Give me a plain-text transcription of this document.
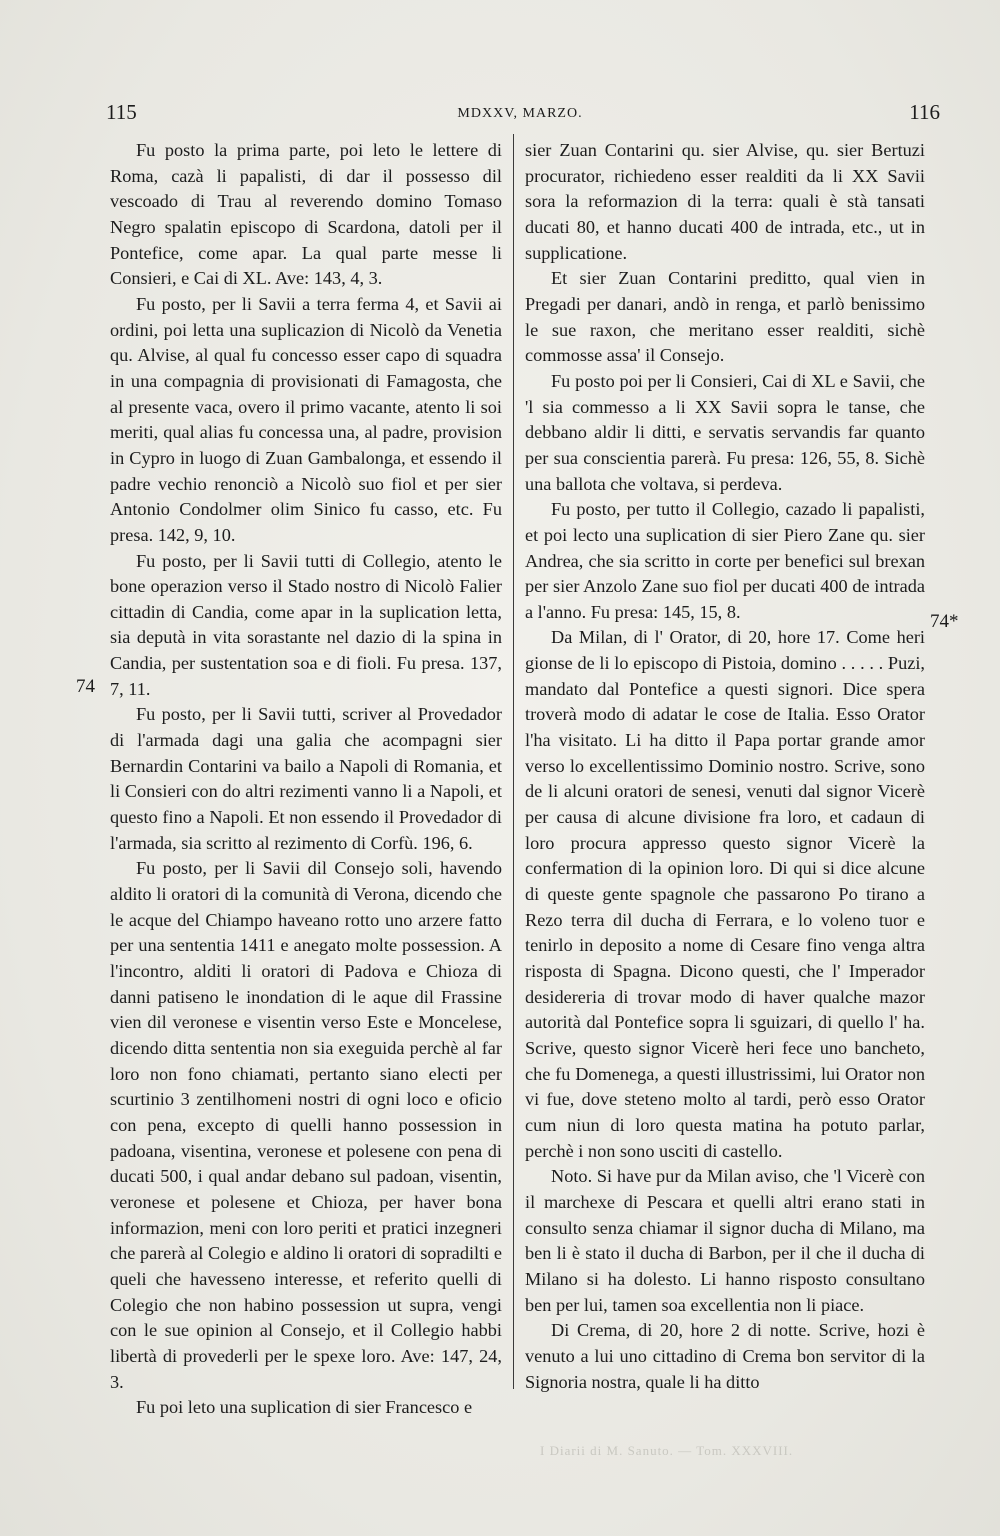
115	MDXXV, MARZO.	116
74
74*

Fu posto la prima parte, poi leto le lettere di Roma, cazà li papalisti, di dar il possesso dil vescoado di Trau al reverendo domino Tomaso Negro spalatin episcopo di Scardona, datoli per il Pontefice, come apar. La qual parte messe li Consieri, e Cai di XL. Ave: 143, 4, 3.

Fu posto, per li Savii a terra ferma 4, et Savii ai ordini, poi letta una suplicazion di Nicolò da Venetia qu. Alvise, al qual fu concesso esser capo di squadra in una compagnia di provisionati di Famagosta, che al presente vaca, overo il primo vacante, atento li soi meriti, qual alias fu concessa una, al padre, provision in Cypro in luogo di Zuan Gambalonga, et essendo il padre vechio renonciò a Nicolò suo fiol et per sier Antonio Condolmer olim Sinico fu casso, etc. Fu presa. 142, 9, 10.

Fu posto, per li Savii tutti di Collegio, atento le bone operazion verso il Stado nostro di Nicolò Falier cittadin di Candia, come apar in la suplication letta, sia deputà in vita sorastante nel dazio di la spina in Candia, per sustentation soa e di fioli. Fu presa. 137, 7, 11.

Fu posto, per li Savii tutti, scriver al Provedador di l'armada dagi una galia che acompagni sier Bernardin Contarini va bailo a Napoli di Romania, et li Consieri con do altri rezimenti vanno li a Napoli, et questo fino a Napoli. Et non essendo il Provedador di l'armada, sia scritto al rezimento di Corfù. 196, 6.

Fu posto, per li Savii dil Consejo soli, havendo aldito li oratori di la comunità di Verona, dicendo che le acque del Chiampo haveano rotto uno arzere fatto per una sententia 1411 e anegato molte possession. A l'incontro, alditi li oratori di Padova e Chioza di danni patiseno le inondation di le aque dil Frassine vien dil veronese e visentin verso Este e Moncelese, dicendo ditta sententia non sia exeguida perchè al far loro non fono chiamati, pertanto siano electi per scurtinio 3 zentilhomeni nostri di ogni loco e oficio con pena, excepto di quelli hanno possession in padoana, visentina, veronese et polesene con pena di ducati 500, i qual andar debano sul padoan, visentin, veronese et polesene et Chioza, per haver bona informazion, meni con loro periti et pratici inzegneri che parerà al Colegio e aldino li oratori di sopradilti e queli che havesseno interesse, et referito quelli di Colegio che non habino possession ut supra, vengi con le sue opinion al Consejo, et il Collegio habbi libertà di provederli per le spexe loro. Ave: 147, 24, 3.

Fu poi leto una suplication di sier Francesco e

sier Zuan Contarini qu. sier Alvise, qu. sier Bertuzi procurator, richiedeno esser realditi da li XX Savii sora la reformazion di la terra: quali è stà tansati ducati 80, et hanno ducati 400 de intrada, etc., ut in supplicatione.

Et sier Zuan Contarini preditto, qual vien in Pregadi per danari, andò in renga, et parlò benissimo le sue raxon, che meritano esser realditi, sichè commosse assa' il Consejo.

Fu posto poi per li Consieri, Cai di XL e Savii, che 'l sia commesso a li XX Savii sopra le tanse, che debbano aldir li ditti, e servatis servandis far quanto per sua conscientia parerà. Fu presa: 126, 55, 8. Sichè una ballota che voltava, si perdeva.

Fu posto, per tutto il Collegio, cazado li papalisti, et poi lecto una suplication di sier Piero Zane qu. sier Andrea, che sia scritto in corte per benefici sul brexan per sier Anzolo Zane suo fiol per ducati 400 de intrada a l'anno. Fu presa: 145, 15, 8.

Da Milan, di l' Orator, di 20, hore 17. Come heri gionse de li lo episcopo di Pistoia, domino . . . . . Puzi, mandato dal Pontefice a questi signori. Dice spera troverà modo di adatar le cose de Italia. Esso Orator l'ha visitato. Li ha ditto il Papa portar grande amor verso lo excellentissimo Dominio nostro. Scrive, sono de li alcuni oratori de senesi, venuti dal signor Vicerè per causa di alcune divisione fra loro, et cadaun di loro procura appresso questo signor Vicerè la confermation di la opinion loro. Di qui si dice alcune di queste gente spagnole che passarono Po tirano a Rezo terra dil ducha di Ferrara, e lo voleno tuor e tenirlo in deposito a nome di Cesare fino venga altra risposta di Spagna. Dicono questi, che l' Imperador desidereria di trovar modo di haver qualche mazor autorità dal Pontefice sopra li sguizari, di quello l' ha. Scrive, questo signor Vicerè heri fece uno bancheto, che fu Domenega, a questi illustrissimi, lui Orator non vi fue, dove steteno molto al tardi, però esso Orator cum niun di loro questa matina ha potuto parlar, perchè i non sono usciti di castello.

Noto. Si have pur da Milan aviso, che 'l Vicerè con il marchexe di Pescara et quelli altri erano stati in consulto senza chiamar il signor ducha di Milano, ma ben li è stato il ducha di Barbon, per il che il ducha di Milano si ha dolesto. Li hanno risposto consultano ben per lui, tamen soa excellentia non li piace.

Di Crema, di 20, hore 2 di notte. Scrive, hozi è venuto a lui uno cittadino di Crema bon servitor di la Signoria nostra, quale li ha ditto

I Diarii di M. Sanuto. — Tom. XXXVIII.
